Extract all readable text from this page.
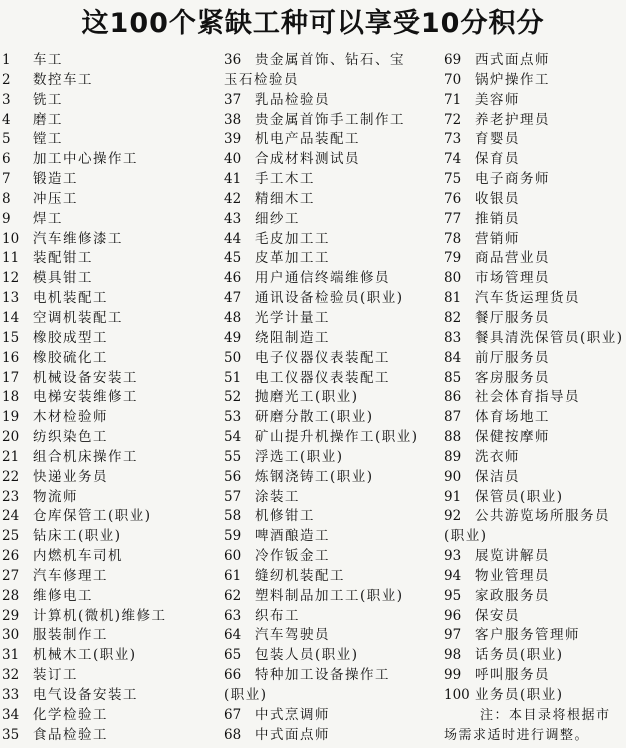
这100个紧缺工种可以享受10分积分
1	车工
2	数控车工
3	铣工
4	磨工
5	镗工
6	加工中心操作工
7	锻造工
8	冲压工
9	焊工
10	汽车维修漆工
11	装配钳工
12	模具钳工
13	电机装配工
14	空调机装配工
15	橡胶成型工
16	橡胶硫化工
17	机械设备安装工
18	电梯安装维修工
19	木材检验师
20	纺织染色工
21	组合机床操作工
22	快递业务员
23	物流师
24	仓库保管工(职业)
25	钻床工(职业)
26	内燃机车司机
27	汽车修理工
28	维修电工
29	计算机(微机)维修工
30	服装制作工
31	机械木工(职业)
32	装订工
33	电气设备安装工
34	化学检验工
35	食品检验工
36 贵金属首饰、钻石、宝
玉石检验员
37	乳品检验员
38	贵金属首饰手工制作工
39	机电产品装配工
40	合成材料测试员
41	手工木工
42	精细木工
43	细纱工
44	毛皮加工工
45	皮革加工工
46	用户通信终端维修员
47	通讯设备检验员(职业)
48	光学计量工
49	绕阻制造工
50	电子仪器仪表装配工
51	电工仪器仪表装配工
52	抛磨光工(职业)
53	研磨分散工(职业)
54	矿山提升机操作工(职业)
55	浮选工(职业)
56	炼钢浇铸工(职业)
57	涂装工
58	机修钳工
59	啤酒酿造工
60	冷作钣金工
61	缝纫机装配工
62	塑料制品加工工(职业)
63	织布工
64	汽车驾驶员
65	包装人员(职业)
66 特种加工设备操作工
(职业)
67	中式烹调师
68	中式面点师
69	西式面点师
70	锅炉操作工
71	美容师
72	养老护理员
73	育婴员
74	保育员
75	电子商务师
76	收银员
77	推销员
78	营销师
79	商品营业员
80	市场管理员
81	汽车货运理货员
82	餐厅服务员
83	餐具清洗保管员(职业)
84	前厅服务员
85	客房服务员
86	社会体育指导员
87	体育场地工
88	保健按摩师
89	洗衣师
90	保洁员
91	保管员(职业)
92 公共游览场所服务员
(职业)
93	展览讲解员
94	物业管理员
95	家政服务员
96	保安员
97	客户服务管理师
98	话务员(职业)
99	呼叫服务员
100 业务员(职业)
注：本目录将根据市
场需求适时进行调整。
